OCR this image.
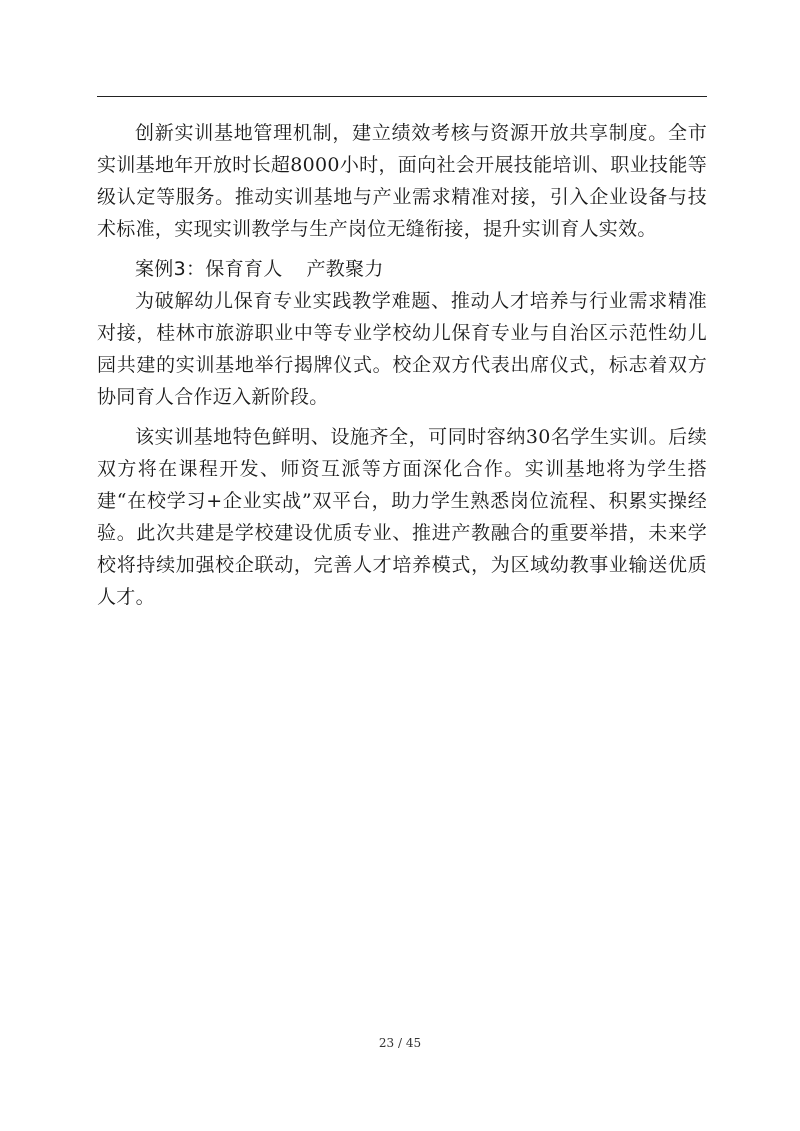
创新实训基地管理机制，建立绩效考核与资源开放共享制度。全市实训基地年开放时长超8000小时，面向社会开展技能培训、职业技能等级认定等服务。推动实训基地与产业需求精准对接，引入企业设备与技术标准，实现实训教学与生产岗位无缝衔接，提升实训育人实效。

案例3：保育育人 产教聚力

为破解幼儿保育专业实践教学难题、推动人才培养与行业需求精准对接，桂林市旅游职业中等专业学校幼儿保育专业与自治区示范性幼儿园共建的实训基地举行揭牌仪式。校企双方代表出席仪式，标志着双方协同育人合作迈入新阶段。

该实训基地特色鲜明、设施齐全，可同时容纳30名学生实训。后续双方将在课程开发、师资互派等方面深化合作。实训基地将为学生搭建“在校学习+企业实战”双平台，助力学生熟悉岗位流程、积累实操经验。此次共建是学校建设优质专业、推进产教融合的重要举措，未来学校将持续加强校企联动，完善人才培养模式，为区域幼教事业输送优质人才。

23 / 45
